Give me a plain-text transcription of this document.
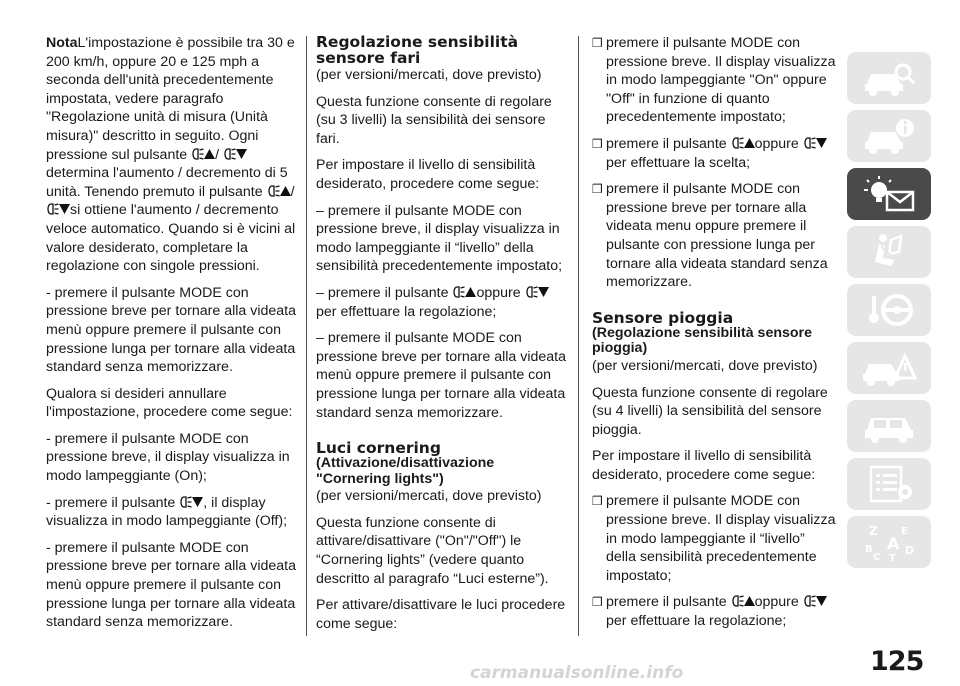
NotaL'impostazione è possibile tra 30 e 200 km/h, oppure 20 e 125 mph a seconda dell'unità precedentemente impostata, vedere paragrafo "Regolazione unità di misura (Unità misura)" descritto in seguito. Ogni pressione sul pulsante / determina l'aumento / decremento di 5 unità. Tenendo premuto il pulsante /si ottiene l'aumento / decremento veloce automatico. Quando si è vicini al valore desiderato, completare la regolazione con singole pressioni.

- premere il pulsante MODE con pressione breve per tornare alla videata menù oppure premere il pulsante con pressione lunga per tornare alla videata standard senza memorizzare.

Qualora si desideri annullare l'impostazione, procedere come segue:

- premere il pulsante MODE con pressione breve, il display visualizza in modo lampeggiante (On);

- premere il pulsante , il display visualizza in modo lampeggiante (Off);

- premere il pulsante MODE con pressione breve per tornare alla videata menù oppure premere il pulsante con pressione lunga per tornare alla videata standard senza memorizzare.

Regolazione sensibilità sensore fari

(per versioni/mercati, dove previsto)

Questa funzione consente di regolare (su 3 livelli) la sensibilità dei sensore fari.

Per impostare il livello di sensibilità desiderato, procedere come segue:

– premere il pulsante MODE con pressione breve, il display visualizza in modo lampeggiante il “livello” della sensibilità precedentemente impostato;

– premere il pulsante oppure per effettuare la regolazione;

– premere il pulsante MODE con pressione breve per tornare alla videata menù oppure premere il pulsante con pressione lunga per tornare alla videata standard senza memorizzare.

Luci cornering
(Attivazione/disattivazione "Cornering lights")

(per versioni/mercati, dove previsto)

Questa funzione consente di attivare/disattivare ("On"/"Off") le “Cornering lights” (vedere quanto descritto al paragrafo “Luci esterne”).

Per attivare/disattivare le luci procedere come segue:

❒ premere il pulsante MODE con pressione breve. Il display visualizza in modo lampeggiante "On" oppure "Off" in funzione di quanto precedentemente impostato;

❒ premere il pulsante oppure per effettuare la scelta;

❒ premere il pulsante MODE con pressione breve per tornare alla videata menu oppure premere il pulsante con pressione lunga per tornare alla videata standard senza memorizzare.

Sensore pioggia
(Regolazione sensibilità sensore pioggia)

(per versioni/mercati, dove previsto)

Questa funzione consente di regolare (su 4 livelli) la sensibilità del sensore pioggia.

Per impostare il livello di sensibilità desiderato, procedere come segue:

❒ premere il pulsante MODE con pressione breve. Il display visualizza in modo lampeggiante il “livello” della sensibilità precedentemente impostato;

❒ premere il pulsante oppure per effettuare la regolazione;

Z E
A
B	D
C T
125
carmanualsonline.info
